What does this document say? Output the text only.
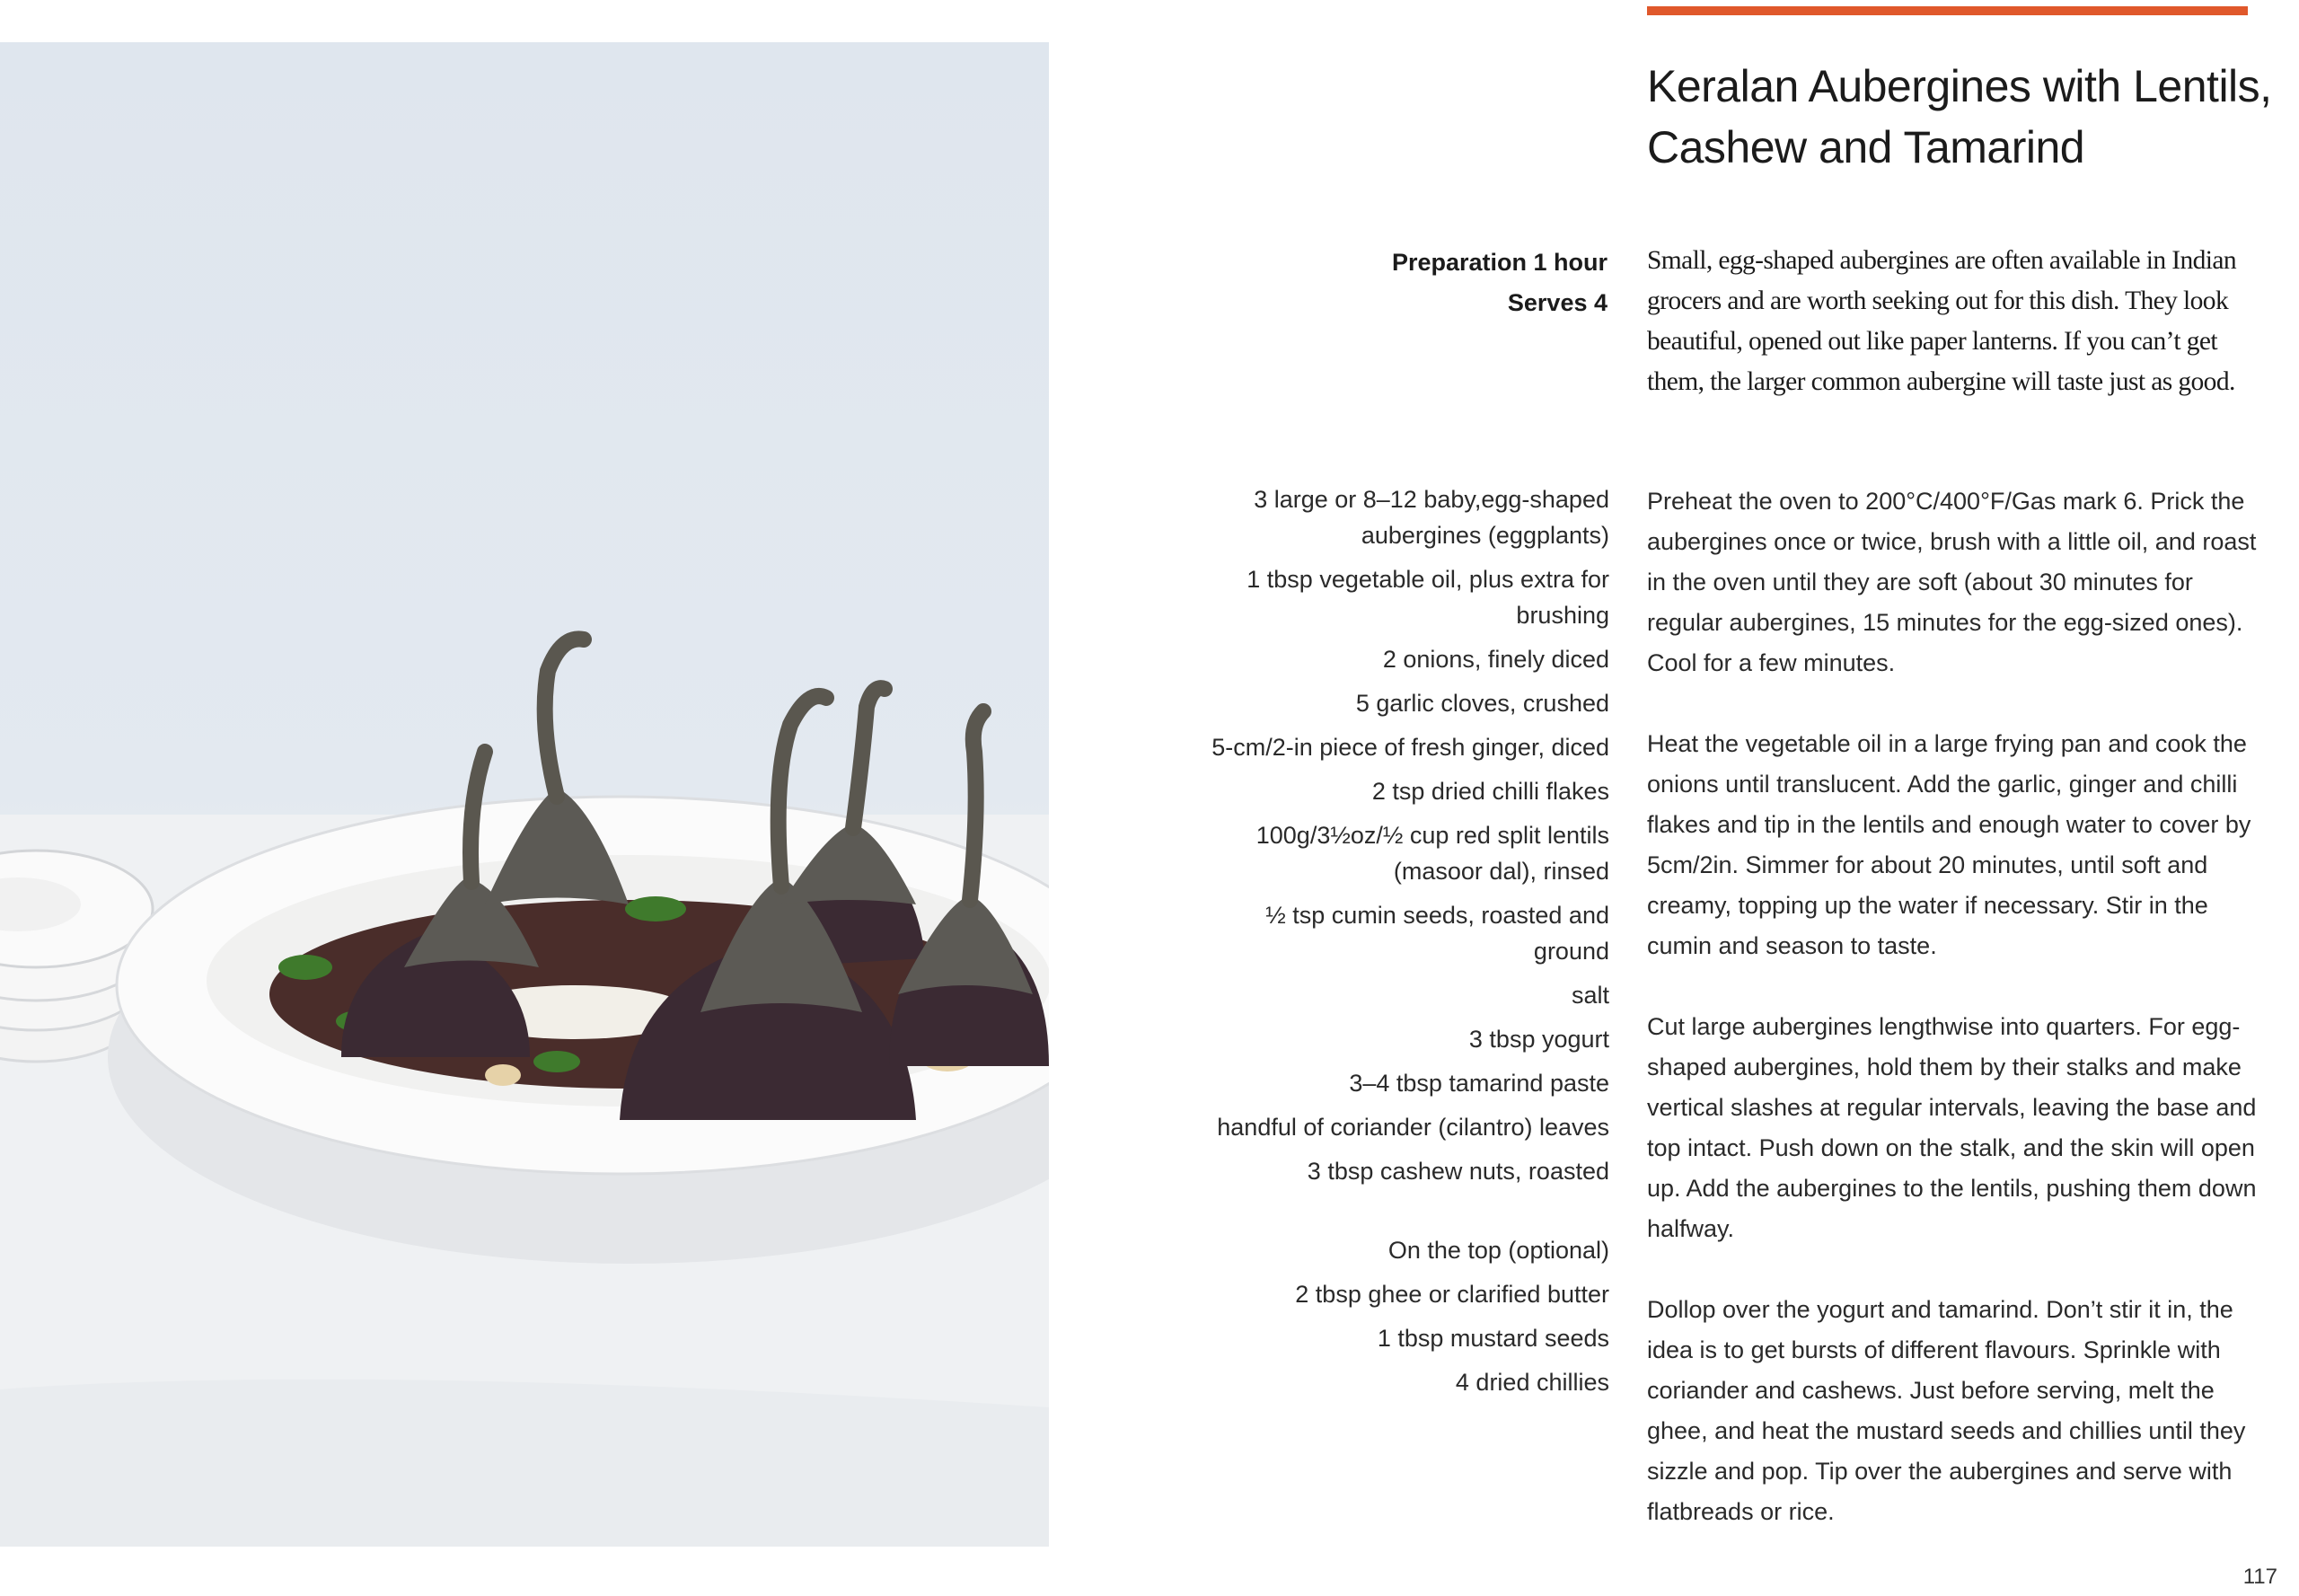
Keralan Aubergines with Lentils,
Cashew and Tamarind
Preparation 1 hour
Serves 4

Small, egg-shaped aubergines are often available in Indian grocers and are worth seeking out for this dish. They look beautiful, opened out like paper lanterns. If you can’t get them, the larger common aubergine will taste just as good.

3 large or 8–12 baby,egg-shaped aubergines (eggplants)
1 tbsp vegetable oil, plus extra for brushing
2 onions, finely diced
5 garlic cloves, crushed
5-cm/2-in piece of fresh ginger, diced
2 tsp dried chilli flakes
100g/3½oz/½ cup red split lentils (masoor dal), rinsed
½ tsp cumin seeds, roasted and ground
salt
3 tbsp yogurt
3–4 tbsp tamarind paste
handful of coriander (cilantro) leaves
3 tbsp cashew nuts, roasted
On the top (optional)
2 tbsp ghee or clarified butter
1 tbsp mustard seeds
4 dried chillies

Preheat the oven to 200°C/400°F/Gas mark 6. Prick the aubergines once or twice, brush with a little oil, and roast in the oven until they are soft (about 30 minutes for regular aubergines, 15 minutes for the egg-sized ones). Cool for a few minutes.

Heat the vegetable oil in a large frying pan and cook the onions until translucent. Add the garlic, ginger and chilli flakes and tip in the lentils and enough water to cover by 5cm/2in. Simmer for about 20 minutes, until soft and creamy, topping up the water if necessary. Stir in the cumin and season to taste.

Cut large aubergines lengthwise into quarters. For egg-shaped aubergines, hold them by their stalks and make vertical slashes at regular intervals, leaving the base and top intact. Push down on the stalk, and the skin will open up. Add the aubergines to the lentils, pushing them down halfway.

Dollop over the yogurt and tamarind. Don’t stir it in, the idea is to get bursts of different flavours. Sprinkle with coriander and cashews. Just before serving, melt the ghee, and heat the mustard seeds and chillies until they sizzle and pop. Tip over the aubergines and serve with flatbreads or rice.

117
